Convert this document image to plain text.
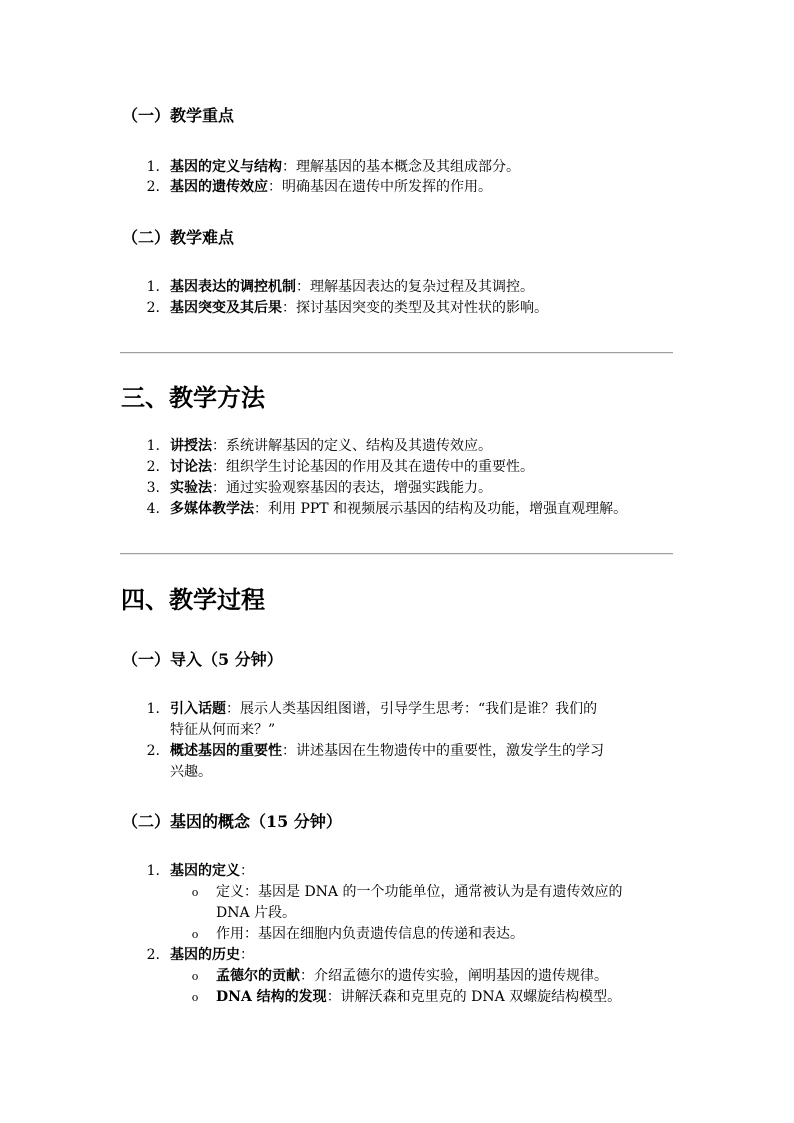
（一）教学重点
1. 基因的定义与结构：理解基因的基本概念及其组成部分。
2. 基因的遗传效应：明确基因在遗传中所发挥的作用。
（二）教学难点
1. 基因表达的调控机制：理解基因表达的复杂过程及其调控。
2. 基因突变及其后果：探讨基因突变的类型及其对性状的影响。
三、教学方法
1. 讲授法：系统讲解基因的定义、结构及其遗传效应。
2. 讨论法：组织学生讨论基因的作用及其在遗传中的重要性。
3. 实验法：通过实验观察基因的表达，增强实践能力。
4. 多媒体教学法：利用 PPT 和视频展示基因的结构及功能，增强直观理解。
四、教学过程
（一）导入（5 分钟）
1. 引入话题：展示人类基因组图谱，引导学生思考：“我们是谁？我们的
特征从何而来？”
2. 概述基因的重要性：讲述基因在生物遗传中的重要性，激发学生的学习
兴趣。
（二）基因的概念（15 分钟）
1. 基因的定义：
o 定义：基因是 DNA 的一个功能单位，通常被认为是有遗传效应的
DNA 片段。
o 作用：基因在细胞内负责遗传信息的传递和表达。
2. 基因的历史：
o 孟德尔的贡献：介绍孟德尔的遗传实验，阐明基因的遗传规律。
o DNA 结构的发现：讲解沃森和克里克的 DNA 双螺旋结构模型。
